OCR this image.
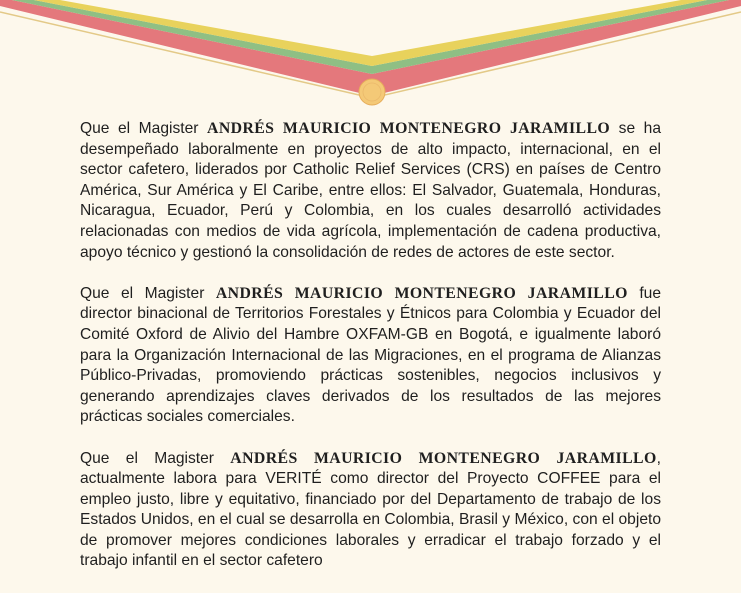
Que el Magister ANDRÉS MAURICIO MONTENEGRO JARAMILLO se ha desempeñado laboralmente en proyectos de alto impacto, internacional, en el sector cafetero, liderados por Catholic Relief Services (CRS) en países de Centro América, Sur América y El Caribe, entre ellos: El Salvador, Guatemala, Honduras, Nicaragua, Ecuador, Perú y Colombia, en los cuales desarrolló actividades relacionadas con medios de vida agrícola, implementación de cadena productiva, apoyo técnico y gestionó la consolidación de redes de actores de este sector.

Que el Magister ANDRÉS MAURICIO MONTENEGRO JARAMILLO fue director binacional de Territorios Forestales y Étnicos para Colombia y Ecuador del Comité Oxford de Alivio del Hambre OXFAM-GB en Bogotá, e igualmente laboró para la Organización Internacional de las Migraciones, en el programa de Alianzas Público-Privadas, promoviendo prácticas sostenibles, negocios inclusivos y generando aprendizajes claves derivados de los resultados de las mejores prácticas sociales comerciales.

Que el Magister ANDRÉS MAURICIO MONTENEGRO JARAMILLO, actualmente labora para VERITÉ como director del Proyecto COFFEE para el empleo justo, libre y equitativo, financiado por del Departamento de trabajo de los Estados Unidos, en el cual se desarrolla en Colombia, Brasil y México, con el objeto de promover mejores condiciones laborales y erradicar el trabajo forzado y el trabajo infantil en el sector cafetero
